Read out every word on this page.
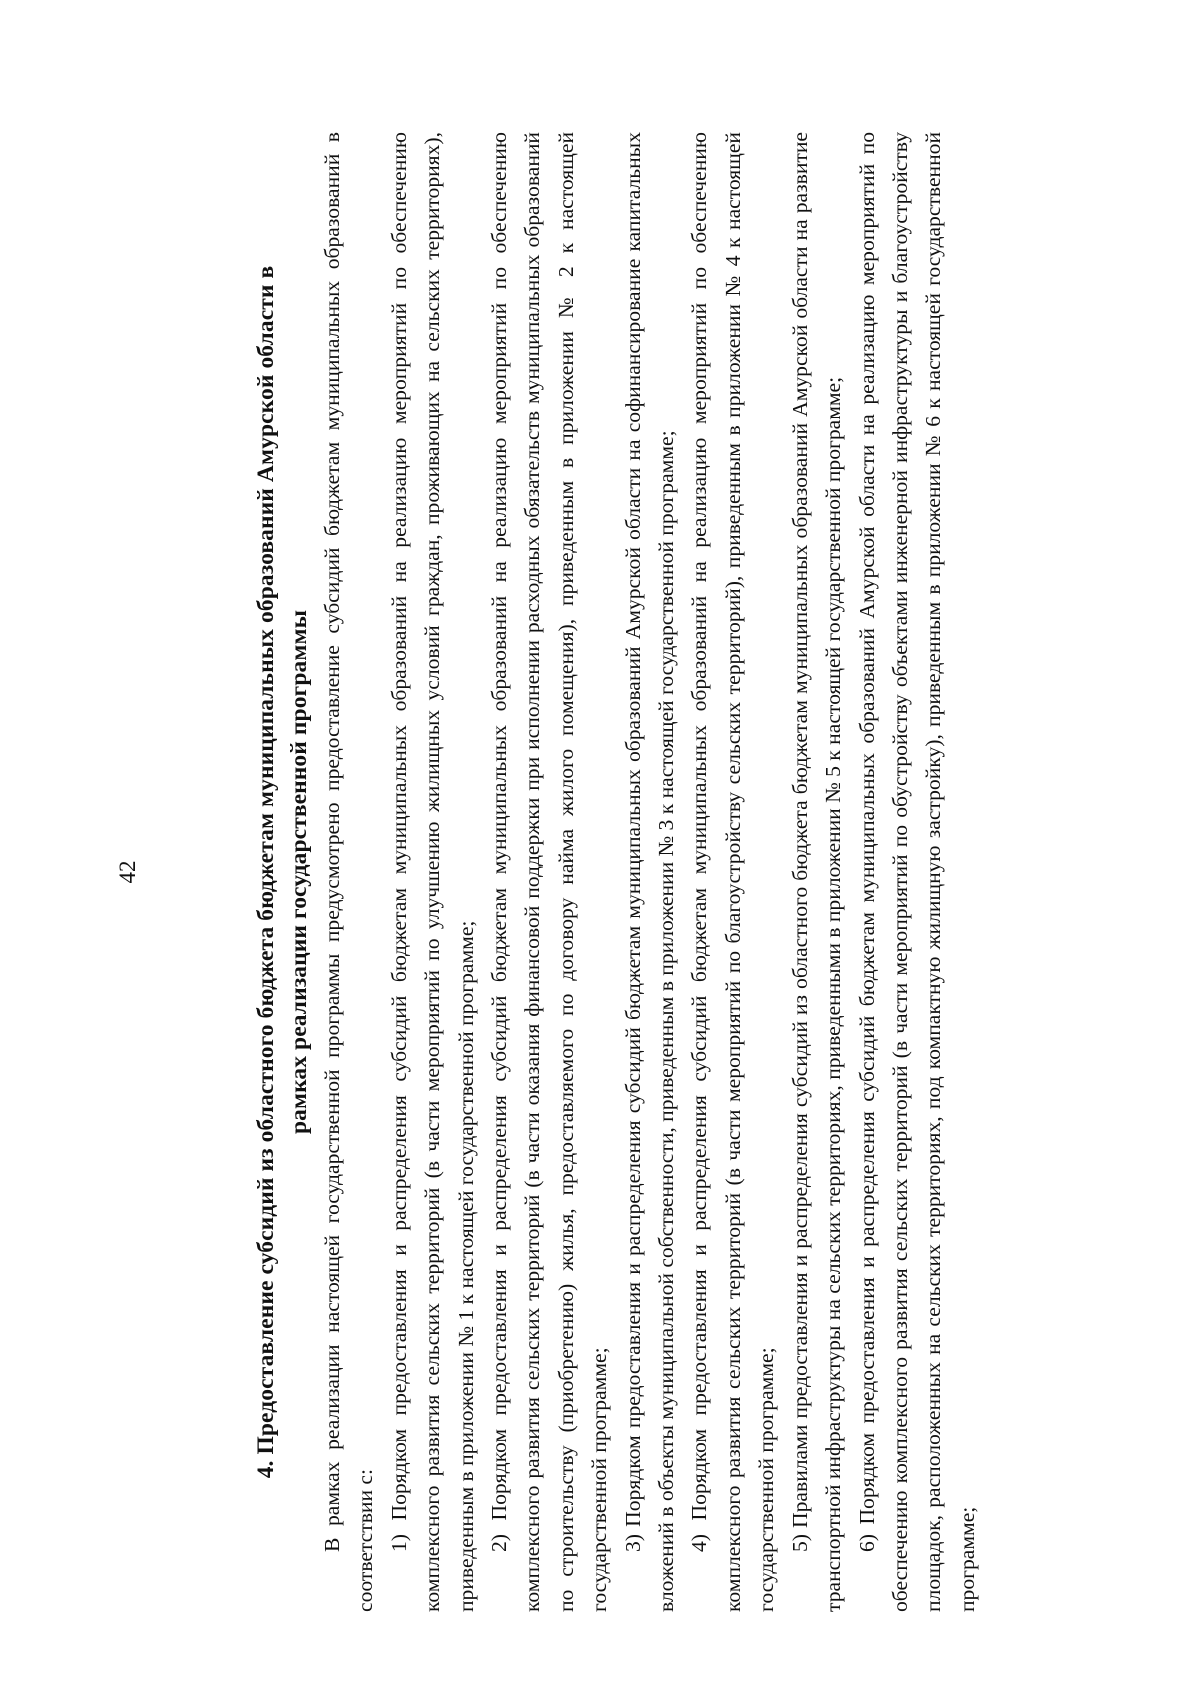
42	4. Предоставление субсидий из областного бюджета бюджетам муниципальных образований Амурской области в рамках реализации государственной программы В рамках реализации настоящей государственной программы предусмотрено предоставление субсидий бюджетам муниципальных образований в соответствии с: 1) Порядком предоставления и распределения субсидий бюджетам муниципальных образований на реализацию мероприятий по обеспечению комплексного развития сельских территорий (в части мероприятий по улучшению жилищных условий граждан, проживающих на сельских территориях), приведенным в приложении № 1 к настоящей государственной программе; 2) Порядком предоставления и распределения субсидий бюджетам муниципальных образований на реализацию мероприятий по обеспечению комплексного развития сельских территорий (в части оказания финансовой поддержки при исполнении расходных обязательств муниципальных образований по строительству (приобретению) жилья, предоставляемого по договору найма жилого помещения), приведенным в приложении № 2 к настоящей государственной программе; 3) Порядком предоставления и распределения субсидий бюджетам муниципальных образований Амурской области на софинансирование капитальных вложений в объекты муниципальной собственности, приведенным в приложении № 3 к настоящей государственной программе; 4) Порядком предоставления и распределения субсидий бюджетам муниципальных образований на реализацию мероприятий по обеспечению комплексного развития сельских территорий (в части мероприятий по благоустройству сельских территорий), приведенным в приложении № 4 к настоящей государственной программе; 5) Правилами предоставления и распределения субсидий из областного бюджета бюджетам муниципальных образований Амурской области на развитие транспортной инфраструктуры на сельских территориях, приведенными в приложении № 5 к настоящей государственной программе; 6) Порядком предоставления и распределения субсидий бюджетам муниципальных образований Амурской области на реализацию мероприятий по обеспечению комплексного развития сельских территорий (в части мероприятий по обустройству объектами инженерной инфраструктуры и благоустройству площадок, расположенных на сельских территориях, под компактную жилищную застройку), приведенным в приложении № 6 к настоящей государственной программе;
